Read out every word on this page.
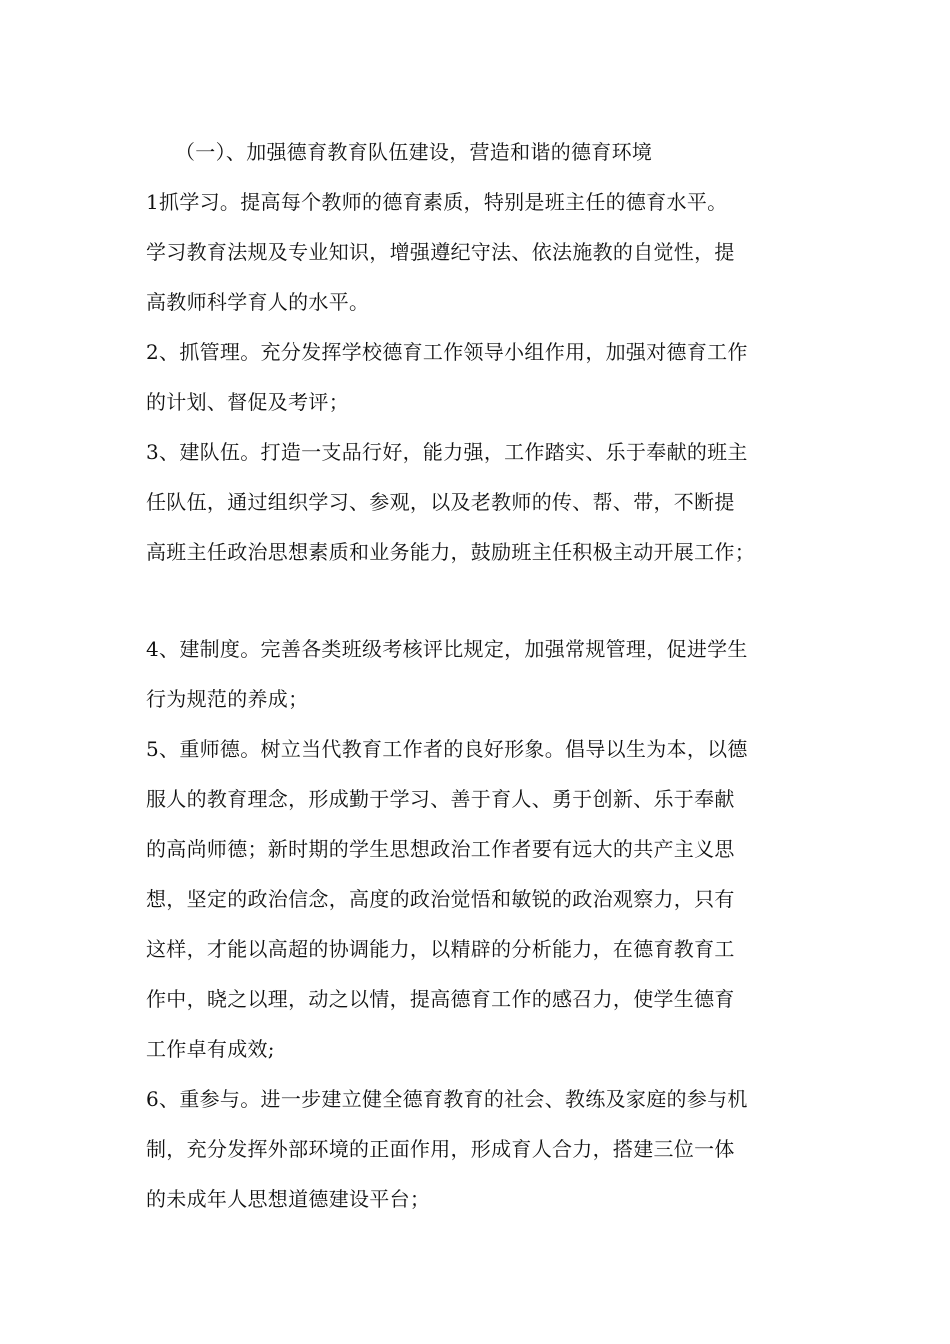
（一）、加强德育教育队伍建设，营造和谐的德育环境
1抓学习。提高每个教师的德育素质，特别是班主任的德育水平。
学习教育法规及专业知识，增强遵纪守法、依法施教的自觉性，提
高教师科学育人的水平。
2、抓管理。充分发挥学校德育工作领导小组作用，加强对德育工作
的计划、督促及考评；
3、建队伍。打造一支品行好，能力强，工作踏实、乐于奉献的班主
任队伍，通过组织学习、参观，以及老教师的传、帮、带，不断提
高班主任政治思想素质和业务能力，鼓励班主任积极主动开展工作；
4、建制度。完善各类班级考核评比规定，加强常规管理，促进学生
行为规范的养成；
5、重师德。树立当代教育工作者的良好形象。倡导以生为本，以德
服人的教育理念，形成勤于学习、善于育人、勇于创新、乐于奉献
的高尚师德；新时期的学生思想政治工作者要有远大的共产主义思
想，坚定的政治信念，高度的政治觉悟和敏锐的政治观察力，只有
这样，才能以高超的协调能力，以精辟的分析能力，在德育教育工
作中，晓之以理，动之以情，提高德育工作的感召力，使学生德育
工作卓有成效;
6、重参与。进一步建立健全德育教育的社会、教练及家庭的参与机
制，充分发挥外部环境的正面作用，形成育人合力，搭建三位一体
的未成年人思想道德建设平台；
